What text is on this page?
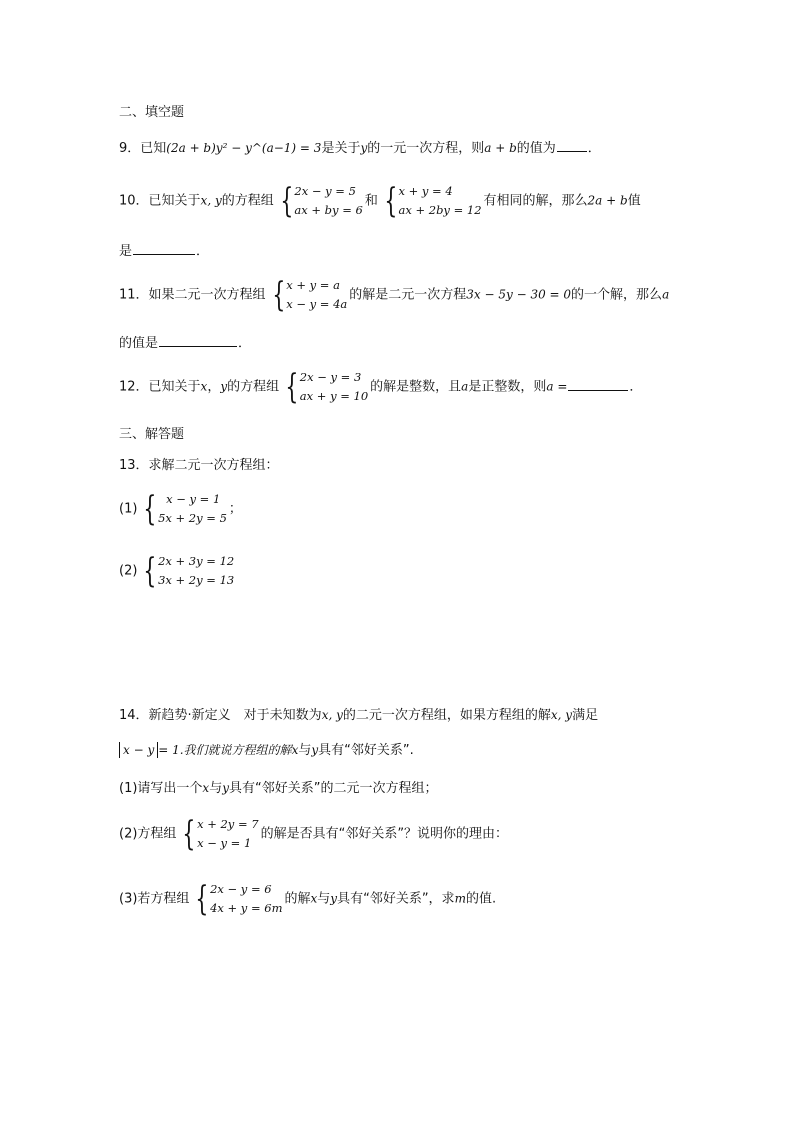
二、填空题
9．已知(2a + b)y² − y^(a−1) = 3是关于y的一元一次方程，则a + b的值为 ．
10．已知关于x, y的方程组 { 2x − y = 5
ax + by = 6
和 { x + y = 4
ax + 2by = 12
有相同的解，那么2a + b值
是	．
11．如果二元一次方程组 { x + y = a
x − y = 4a
的解是二元一次方程3x − 5y − 30 = 0的一个解，那么a
的值是	．
12．已知关于x，y的方程组 { 2x − y = 3
ax + y = 10
的解是整数，且a是正整数，则a =	．
三、解答题
13．求解二元一次方程组：
(1) { x − y = 1
5x + 2y = 5
；
(2) { 2x + 3y = 12
3x + 2y = 13
14．新趋势·新定义　对于未知数为x, y的二元一次方程组，如果方程组的解x, y满足
x − y = 1.我们就说方程组的解x与y具有“邻好关系”.
(1)请写出一个x与y具有“邻好关系”的二元一次方程组；
(2)方程组 { x + 2y = 7
x − y = 1
的解是否具有“邻好关系”？说明你的理由：
(3)若方程组 { 2x − y = 6
4x + y = 6m
的解x与y具有“邻好关系”，求m的值.
